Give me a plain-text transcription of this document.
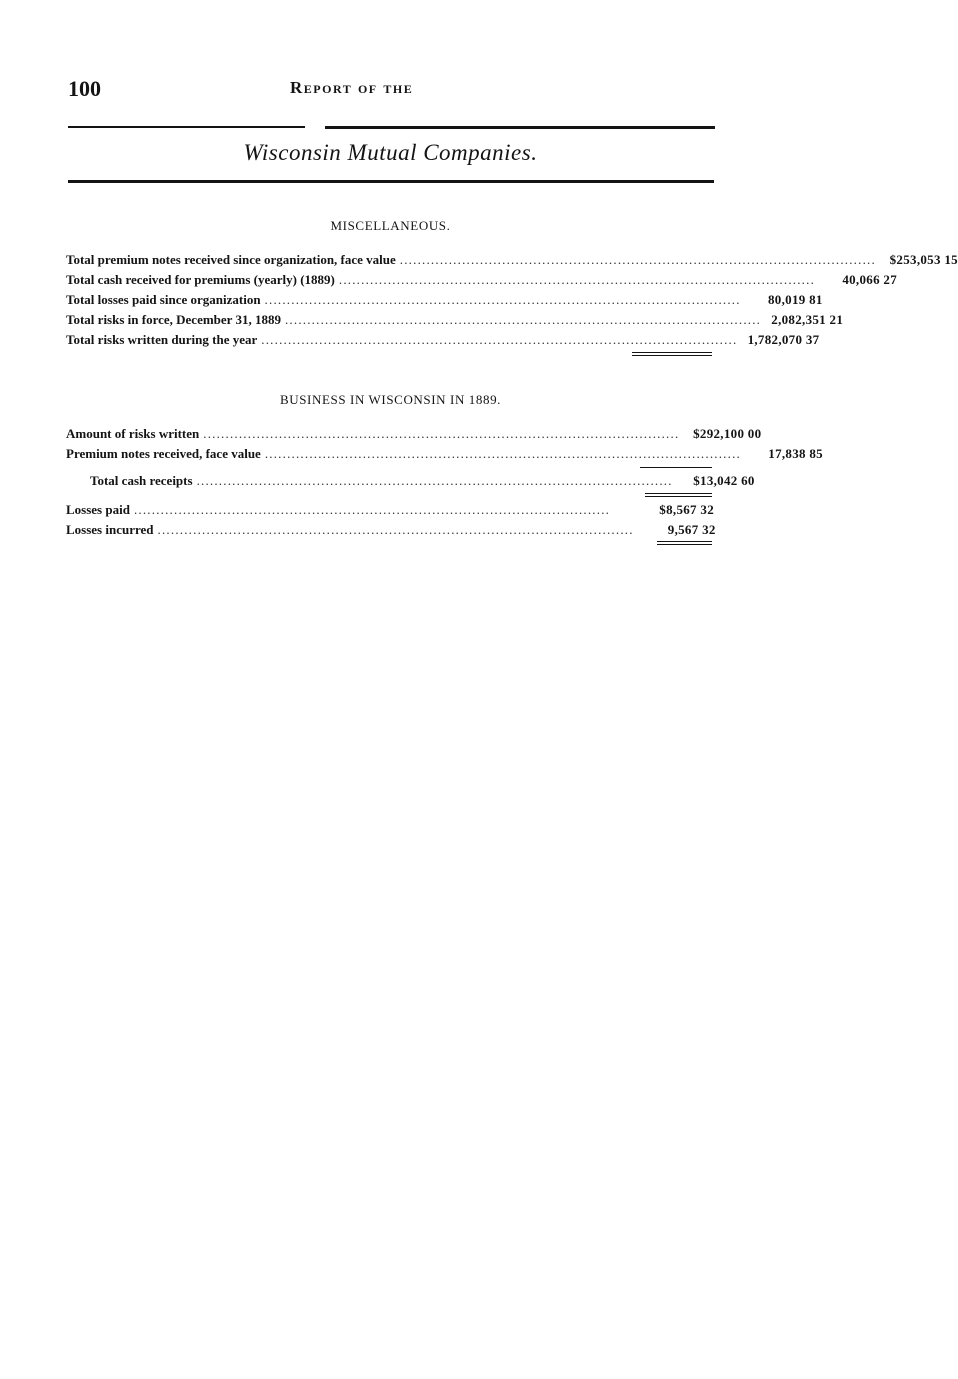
100	Report of the
Wisconsin Mutual Companies.
MISCELLANEOUS.
Total premium notes received since organization, face value ...........................................................................................................	$253,053 15
Total cash received for premiums (yearly) (1889) ...........................................................................................................	40,066 27
Total losses paid since organization ...........................................................................................................	80,019 81
Total risks in force, December 31, 1889 ........................................................................................................... 2,082,351 21
Total risks written during the year ........................................................................................................... 1,782,070 37
BUSINESS IN WISCONSIN IN 1889.
Amount of risks written ...........................................................................................................	$292,100 00
Premium notes received, face value ...........................................................................................................	17,838 85
Total cash receipts ...........................................................................................................	$13,042 60
Losses paid ...........................................................................................................	$8,567 32
Losses incurred ...........................................................................................................	9,567 32
